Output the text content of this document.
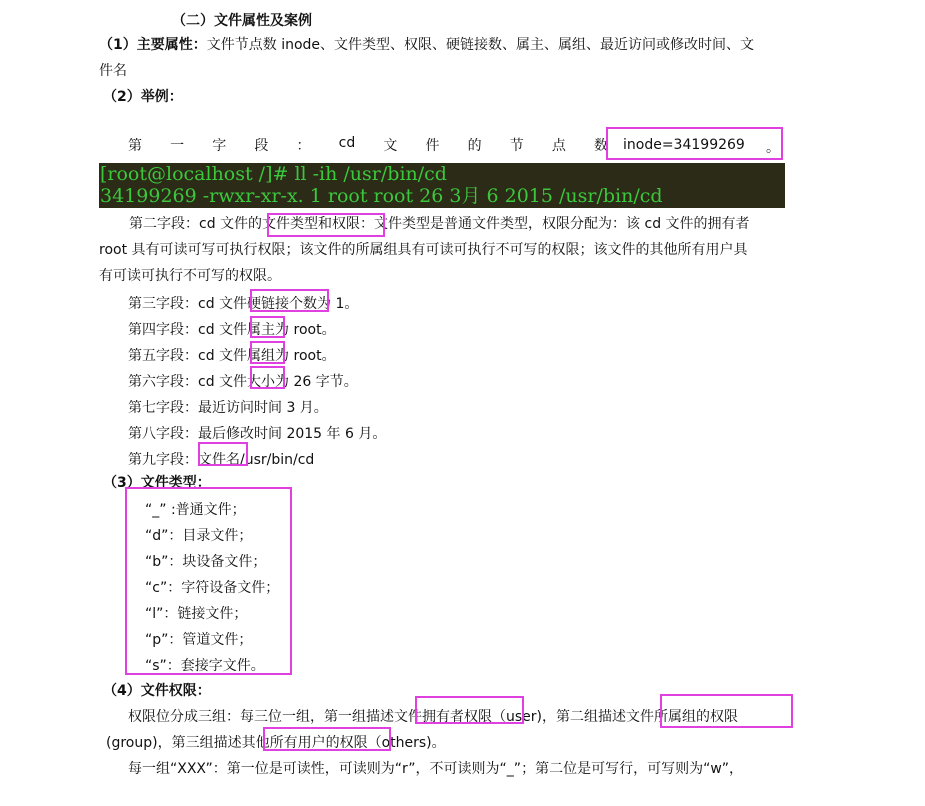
（二）文件属性及案例
（1）主要属性：文件节点数 inode、文件类型、权限、硬链接数、属主、属组、最近访问或修改时间、文
件名
（2）举例：
第 一 字 段 ： cd 文 件 的 节 点 数 inode=34199269 。
[root@localhost /]# ll -ih /usr/bin/cd
34199269 -rwxr-xr-x. 1 root root 26 3月 6 2015 /usr/bin/cd
第二字段：cd 文件的文件类型和权限：文件类型是普通文件类型，权限分配为：该 cd 文件的拥有者
root 具有可读可写可执行权限；该文件的所属组具有可读可执行不可写的权限；该文件的其他所有用户具
有可读可执行不可写的权限。
第三字段：cd 文件硬链接个数为 1。
第四字段：cd 文件属主为 root。
第五字段：cd 文件属组为 root。
第六字段：cd 文件大小为 26 字节。
第七字段：最近访问时间 3 月。
第八字段：最后修改时间 2015 年 6 月。
第九字段：文件名/usr/bin/cd
（3）文件类型：
“_” :普通文件；
“d”：目录文件；
“b”：块设备文件；
“c”：字符设备文件；
“l”：链接文件；
“p”：管道文件；
“s”：套接字文件。
（4）文件权限：
权限位分成三组：每三位一组，第一组描述文件拥有者权限（user)，第二组描述文件所属组的权限
(group)，第三组描述其他所有用户的权限（others)。
每一组“XXX”：第一位是可读性，可读则为“r”，不可读则为“_”；第二位是可写行，可写则为“w”，
